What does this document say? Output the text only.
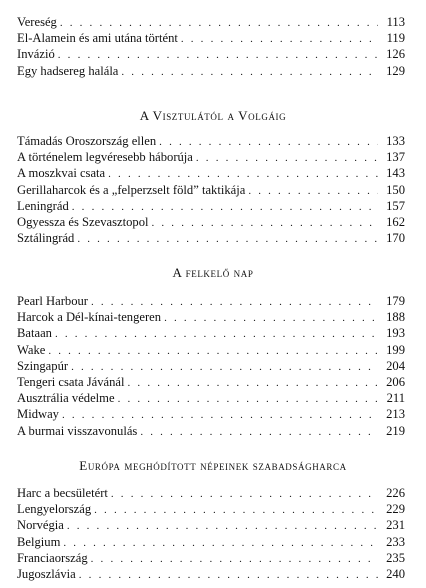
Vereség . . .	113
El-Alamein és ami utána történt . . .	119
Invázió . . .	126
Egy hadsereg halála . . .	129
A Visztulától a Volgáig
Támadás Oroszország ellen . . .	133
A történelem legvéresebb háborúja . . .	137
A moszkvai csata . . .	143
Gerillaharcok és a „felperzselt föld” taktikája . . .	150
Leningrád . . .	157
Ogyessza és Szevasztopol . . .	162
Sztálingrád . . .	170
A felkelő nap
Pearl Harbour . . .	179
Harcok a Dél-kínai-tengeren . . .	188
Bataan . . .	193
Wake . . .	199
Szingapúr . . .	204
Tengeri csata Jávánál . . .	206
Ausztrália védelme . . .	211
Midway . . .	213
A burmai visszavonulás . . .	219
Európa meghódított népeinek szabadságharca
Harc a becsületért . . .	226
Lengyelország . . .	229
Norvégia . . .	231
Belgium . . .	233
Franciaország . . .	235
Jugoszlávia . . .	240
